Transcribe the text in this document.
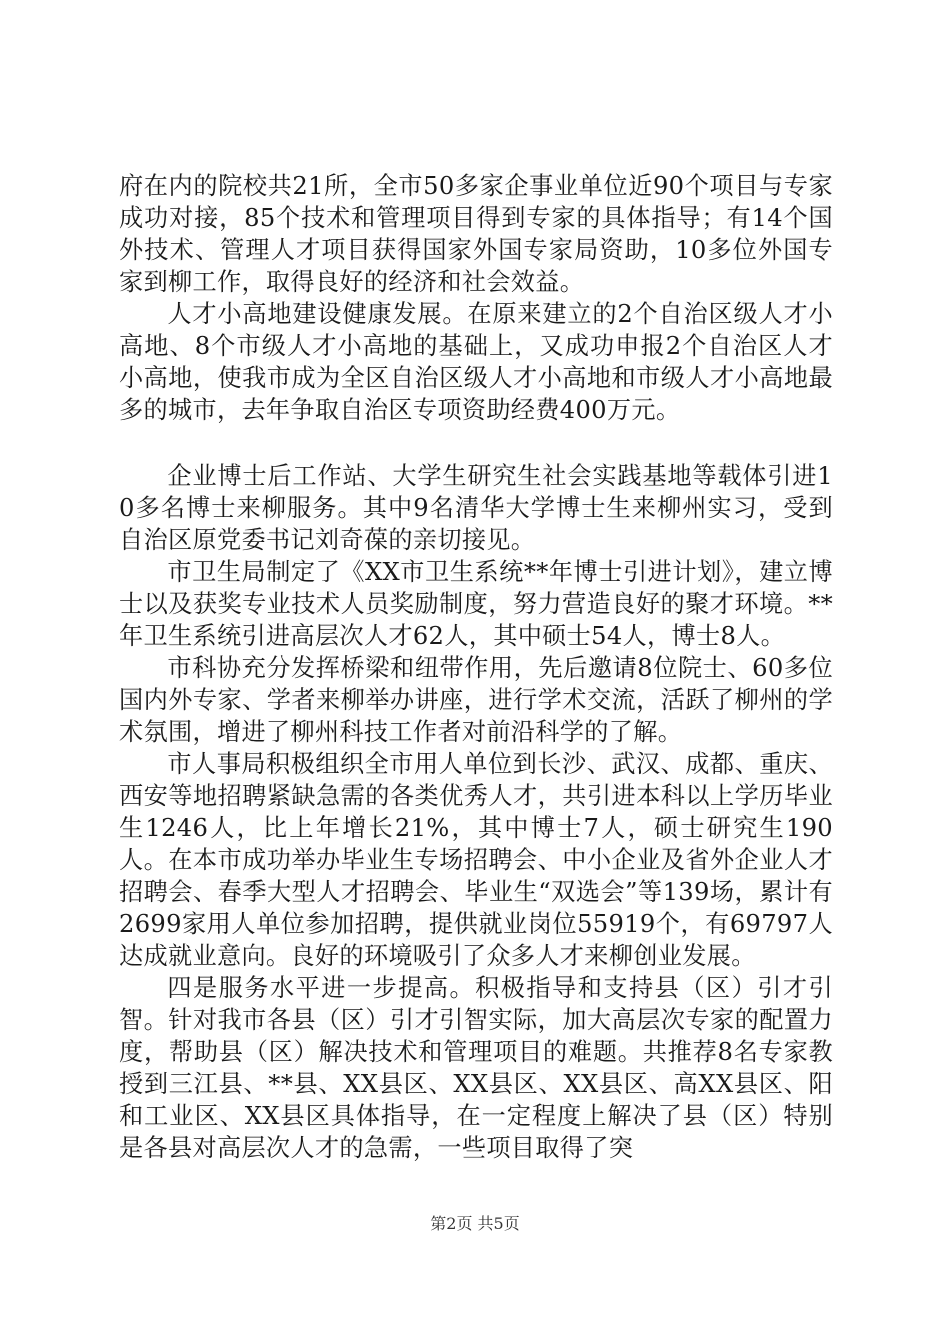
府在内的院校共21所，全市50多家企事业单位近90个项目与专家成功对接，85个技术和管理项目得到专家的具体指导；有14个国外技术、管理人才项目获得国家外国专家局资助，10多位外国专家到柳工作，取得良好的经济和社会效益。

人才小高地建设健康发展。在原来建立的2个自治区级人才小高地、8个市级人才小高地的基础上，又成功申报2个自治区人才小高地，使我市成为全区自治区级人才小高地和市级人才小高地最多的城市，去年争取自治区专项资助经费400万元。

企业博士后工作站、大学生研究生社会实践基地等载体引进10多名博士来柳服务。其中9名清华大学博士生来柳州实习，受到自治区原党委书记刘奇葆的亲切接见。

市卫生局制定了《XX市卫生系统**年博士引进计划》，建立博士以及获奖专业技术人员奖励制度，努力营造良好的聚才环境。**年卫生系统引进高层次人才62人，其中硕士54人，博士8人。

市科协充分发挥桥梁和纽带作用，先后邀请8位院士、60多位国内外专家、学者来柳举办讲座，进行学术交流，活跃了柳州的学术氛围，增进了柳州科技工作者对前沿科学的了解。

市人事局积极组织全市用人单位到长沙、武汉、成都、重庆、西安等地招聘紧缺急需的各类优秀人才，共引进本科以上学历毕业生1246人，比上年增长21%，其中博士7人，硕士研究生190人。在本市成功举办毕业生专场招聘会、中小企业及省外企业人才招聘会、春季大型人才招聘会、毕业生“双选会”等139场，累计有2699家用人单位参加招聘，提供就业岗位55919个，有69797人达成就业意向。良好的环境吸引了众多人才来柳创业发展。

四是服务水平进一步提高。积极指导和支持县（区）引才引智。针对我市各县（区）引才引智实际，加大高层次专家的配置力度，帮助县（区）解决技术和管理项目的难题。共推荐8名专家教授到三江县、**县、XX县区、XX县区、XX县区、高XX县区、阳和工业区、XX县区具体指导，在一定程度上解决了县（区）特别是各县对高层次人才的急需，一些项目取得了突

第2页 共5页
